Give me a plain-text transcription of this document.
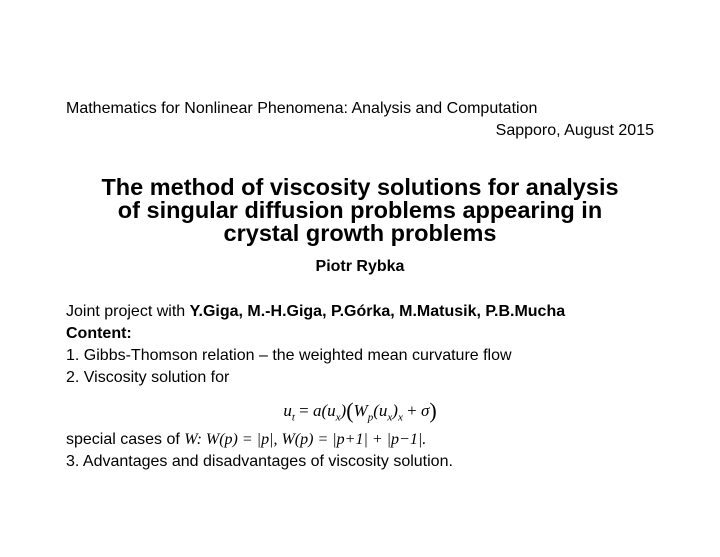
Mathematics for Nonlinear Phenomena: Analysis and Computation
Sapporo, August 2015
The method of viscosity solutions for analysis
of singular diffusion problems appearing in
crystal growth problems
Piotr Rybka
Joint project with Y.Giga, M.-H.Giga, P.Górka, M.Matusik, P.B.Mucha
Content:
1. Gibbs-Thomson relation – the weighted mean curvature flow
2. Viscosity solution for
$u_t = a(u_x)(W_p(u_x)_x + \sigma)$
special cases of W: W(p) = |p|, W(p) = |p+1| + |p−1|.
3. Advantages and disadvantages of viscosity solution.
